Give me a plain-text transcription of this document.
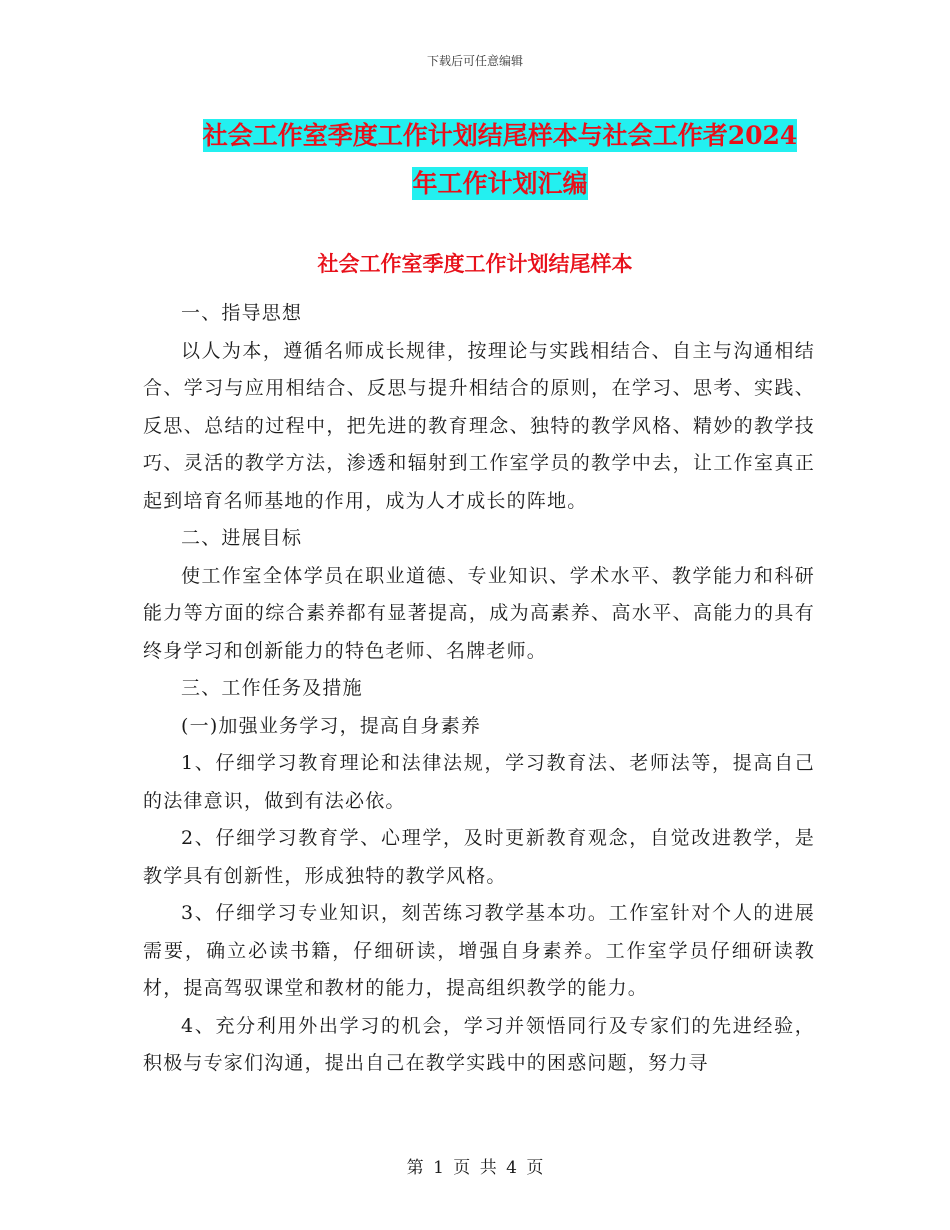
下载后可任意编辑
社会工作室季度工作计划结尾样本与社会工作者2024
年工作计划汇编
社会工作室季度工作计划结尾样本

一、指导思想

以人为本，遵循名师成长规律，按理论与实践相结合、自主与沟通相结合、学习与应用相结合、反思与提升相结合的原则，在学习、思考、实践、反思、总结的过程中，把先进的教育理念、独特的教学风格、精妙的教学技巧、灵活的教学方法，渗透和辐射到工作室学员的教学中去，让工作室真正起到培育名师基地的作用，成为人才成长的阵地。

二、进展目标

使工作室全体学员在职业道德、专业知识、学术水平、教学能力和科研能力等方面的综合素养都有显著提高，成为高素养、高水平、高能力的具有终身学习和创新能力的特色老师、名牌老师。

三、工作任务及措施

(一)加强业务学习，提高自身素养

1、仔细学习教育理论和法律法规，学习教育法、老师法等，提高自己的法律意识，做到有法必依。

2、仔细学习教育学、心理学，及时更新教育观念，自觉改进教学，是教学具有创新性，形成独特的教学风格。

3、仔细学习专业知识，刻苦练习教学基本功。工作室针对个人的进展需要，确立必读书籍，仔细研读，增强自身素养。工作室学员仔细研读教材，提高驾驭课堂和教材的能力，提高组织教学的能力。

4、充分利用外出学习的机会，学习并领悟同行及专家们的先进经验，积极与专家们沟通，提出自己在教学实践中的困惑问题，努力寻

第 1 页 共 4 页
